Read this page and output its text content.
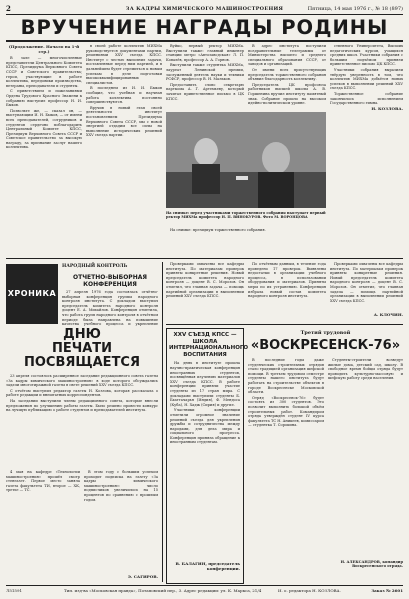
2	ЗА КАДРЫ ХИМИЧЕСКОГО МАШИНОСТРОЕНИЯ	Пятница, 14 мая 1976 г., № 18 (897)
ВРУЧЕНИЕ НАГРАДЫ РОДИНЫ
(Продолжение. Начало на 1-й стр.)

В зале — многочисленные представители Центрального Комитета КПСС, Президиума Верховного Совета СССР и Советского правительства; герои, участвующие в работе коллектива, передовики производства, ветераны, преподаватели и студенты.

С приветствием и пожеланиями Ордена Трудового Красного Знамени к собранию выступил профессор Н. И. Быков.

Позвольте же, — сказал он, — выступающим И. Н. Быков, — от имени всех преподавателей, сотрудников и студентов сердечно поблагодарить Центральный Комитет КПСС, Президиум Верховного Совета СССР и Советское правительство за высокую награду, за признание заслуг нашего коллектива.

в своей работе коллектив МИХМа руководствуется документами партии, решениями XXV съезда КПСС. Институт с честью выполнил задачи, поставленные перед ним партией, и в дальнейшем будет стремиться к новым успехам в деле подготовки высококвалифицированных специалистов.

В последнем из И. И. Быков сообщил, что учебная и научная работа коллектива постоянно совершенствуются.

Вручив в новый этап своей деятельности институт постановлением Президиума Верховного Совета СССР, мы с новой энергией отдадим все силы на выполнение исторических решений XXV съезда партии.

Вуйко, первый ректор МИХМа. Выступили также: главный инженер станции метро «Автозаводская» Л. П. Ковалёв, профессор А. А. Горнов.

Выступили также студентка МИХМа, лауреат Ленинской премии, заслуженный деятель науки и техники РСФСР, профессор В. Н. Мальков.

Предоставить слово секретарю парткома А. Г. Артемьеву, который зачитал приветственное письмо в ЦК КПСС.

В адрес института поступили поздравительные телеграммы от Министерства высшего и среднего специального образования СССР, от заводов и организаций.

От имени всех присутствующих председатель торжественного собрания объявил благодарность коллективу.

Председатель ЦК профсоюза работников высшей школы А. В. Горшенина вручил институту памятный знак. Собрание прошло на высоком идейно-политическом уровне.

ственного Университета, Высших педагогических курсов, учащихся средних школ. Участники собрания с большим подъёмом приняли приветственное письмо ЦК КПСС.

Участники собрания выразили твёрдую уверенность в том, что коллектив МИХМа добьётся новых успехов в выполнении решений XXV съезда КПСС.

Торжественное собрание закончилось исполнением Государственного гимна.

Н. КОЗЛОВА.
На снимке: перед участниками торжественного собрания выступает первый ректор МИХМа профессор Н. П. ВИНОКУРОВ. Фото М. ВОРОНЦОВА

На снимке: президиум торжественного собрания.

ХРОНИКА
ДНЮ
ПЕЧАТИ
ПОСВЯЩАЕТСЯ

23 апреля состоялось расширенное заседание редакционного совета газеты «За кадры химического машиностроения» в ходе которого обсуждались задачи многотиражной газеты в свете решений XXV съезда КПСС.

С отчётом выступил редактор газеты Н. Козлова, которая рассказала о работе редакции и внештатных корреспондентов.

На заседании выступили члены редакционного совета, которые внесли предложения по улучшению работы газеты. Было решено провести конкурс на лучшую публикацию о работе студентов и преподавателей института.

4 мая на кафедре «Технологии машиностроения» прошёл смотр стенгазет. Первое место заняла газета факультета ТИ, второе — ХК, третье — ТС.

В этом году с большим успехом проходит подписка на газету «За кадры химического машиностроения»: число подписчиков увеличилось на 15 процентов по сравнению с прошлым годом.

Э. САГИРОВ.
НАРОДНЫЙ КОНТРОЛЬ
ОТЧЕТНО-ВЫБОРНАЯ КОНФЕРЕНЦИЯ

27 апреля 1976 года состоялась отчётно-выборная конференция группы народного контроля института. С докладом выступил председатель комитета народного контроля доцент Е. А. Михайлов. Конференция отметила, что работа групп народного контроля в отчётном периоде была направлена на повышение качества учебного процесса и укрепление

Проверками охвачены все кафедры института. По материалам проверок приняты конкретные решения. Новый председатель комитета народного контроля — доцент В. С. Морозов. Он отметил, что главная задача — помощь партийной организации в выполнении решений XXV съезда КПСС.

По отчётным данным, в течение года проведено 17 проверок. Выявлены недостатки в организации учебного процесса, в использовании оборудования и материалов. Приняты меры по их устранению. Конференция избрала новый состав комитета народного контроля института.

Проверками охвачены все кафедры института. По материалам проверок приняты конкретные решения. Новый председатель комитета народного контроля — доцент В. С. Морозов. Он отметил, что главная задача — помощь партийной организации в выполнении решений XXV съезда КПСС.

А. КЛОЧИН.
XXV СЪЕЗД КПСС — ШКОЛА ИНТЕРНАЦИОНАЛЬНОГО ВОСПИТАНИЯ

На днях в институте прошла научно-практическая конференция иностранных студентов, посвящённая изучению материалов XXV съезда КПСС. В работе конференции приняли участие студенты из 17 стран мира. С докладами выступили студенты Б. Бхаттачарья (Индия), Ф. Мендоса (Куба), Н. Хадж (Сирия) и другие.

Участники конференции отметили огромное значение решений съезда для укрепления дружбы и сотрудничества между народами, для дела мира и социального прогресса. Конференция приняла обращение к иностранным студентам.

В. БАЛАГИН, председатель конференции.
Третий трудовой
«ВОСКРЕСЕНСК-76»

В последние годы даже студенческих строительных отрядов стало традицией организация шефской помощи. В третьем трудовом семестре студенты нашего института будут работать на строительстве объектов в городе Воскресенске Московской области.

Отряд «Воскресенск-76» будет состоять из 300 студентов. Это позволит выполнить большой объём строительных работ. Командиром отряда утверждён студент IV курса факультета ТС Н. Аникеев, комиссаром — студентка Т. Сорокина.

Студенты-строители возведут жилые дома, детский сад, школу. В свободное время бойцы отряда будут проводить культурно-массовую и шефскую работу среди населения.

Н. АЛЕКСАНДРОВ, командир Воскресенского отряда.
Л51591	Тип. изд-ва «Московская правда», Потаповский пер., 3. Адрес редакции: ул. К. Маркса, 21/4	И. о. редактора Н. КОЗЛОВА.	Заказ № 2601
